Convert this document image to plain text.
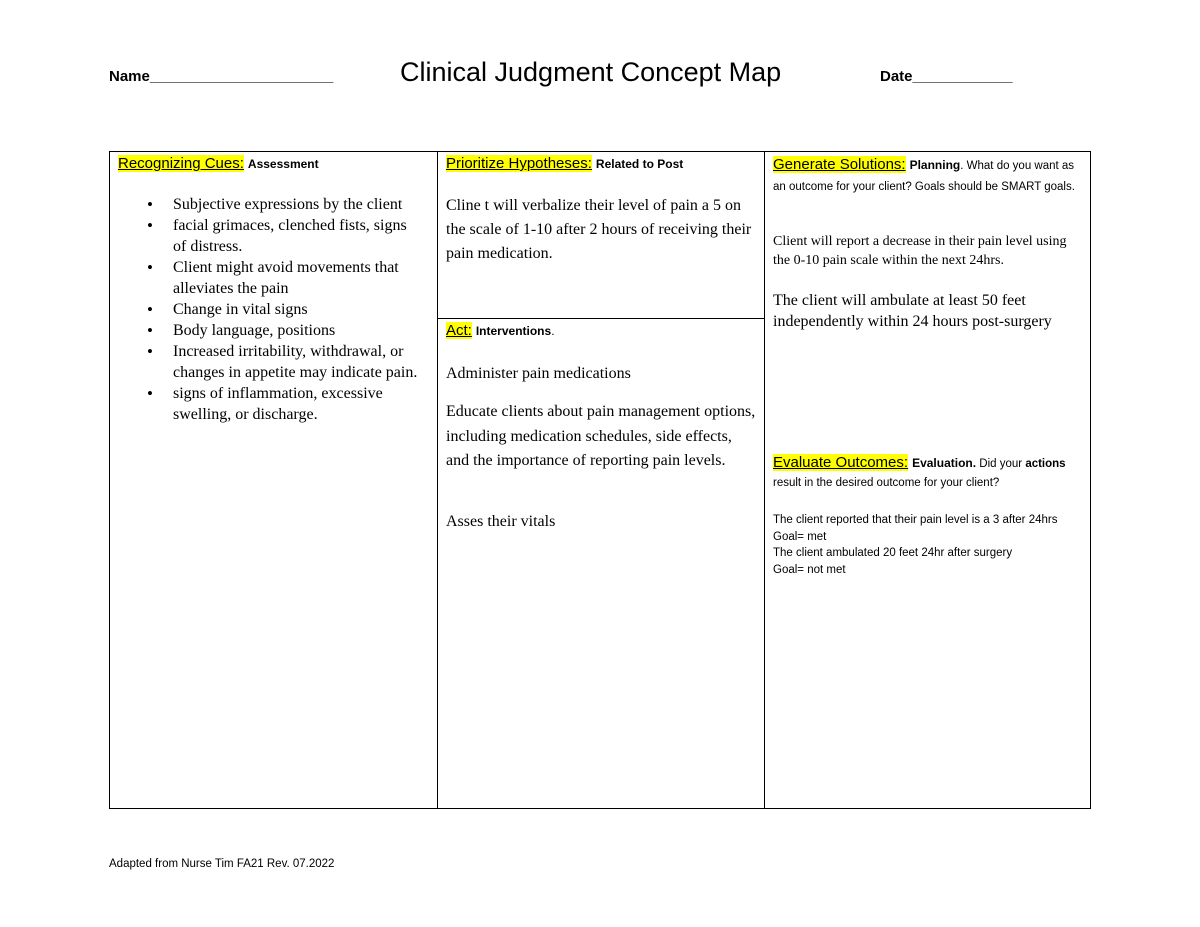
Name______________________ Clinical Judgment Concept Map	Date____________
Recognizing Cues: Assessment
• Subjective expressions by the client
• facial grimaces, clenched fists, signs of distress.
• Client might avoid movements that alleviates the pain
• Change in vital signs
• Body language, positions
• Increased irritability, withdrawal, or changes in appetite may indicate pain.
• signs of inflammation, excessive swelling, or discharge.
Prioritize Hypotheses: Related to Post
Cline t will verbalize their level of pain a 5 on the scale of 1-10 after 2 hours of receiving their pain medication.
Act: Interventions.
Administer pain medications
Educate clients about pain management options, including medication schedules, side effects, and the importance of reporting pain levels.
Asses their vitals
Generate Solutions: Planning. What do you want as an outcome for your client? Goals should be SMART goals.
Client will report a decrease in their pain level using the 0-10 pain scale within the next 24hrs.
The client will ambulate at least 50 feet independently within 24 hours post-surgery
Evaluate Outcomes: Evaluation. Did your actions result in the desired outcome for your client?
The client reported that their pain level is a 3 after 24hrs
Goal= met
The client ambulated 20 feet 24hr after surgery
Goal= not met
Adapted from Nurse Tim FA21 Rev. 07.2022
